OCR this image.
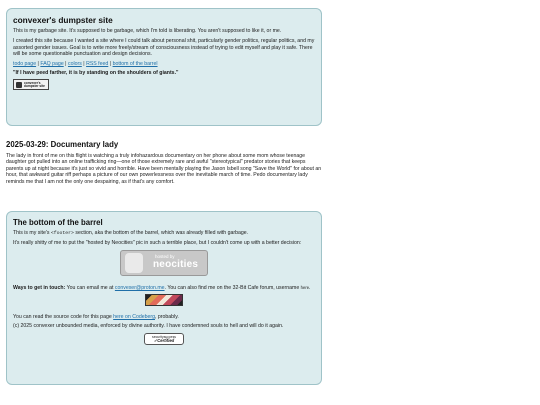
convexer's dumpster site

This is my garbage site. It's supposed to be garbage, which I'm told is liberating. You aren't supposed to like it, or me.

I created this site because I wanted a site where I could talk about personal shit, particularly gender politics, regular politics, and my assorted gender issues. Goal is to write more freely/stream of consciousness instead of trying to edit myself and play it safe. There will be some questionable punctuation and design decisions.

todo page | FAQ page | colors | RSS feed | bottom of the barrel

"If I have peed farther, it is by standing on the shoulders of giants."

convexer's dumpster site
2025-03-29: Documentary lady

The lady in front of me on this flight is watching a truly infohazardous documentary on her phone about some mom whose teenage daughter got pulled into an online trafficking ring—one of those extremely rare and awful "stereotypical" predator stories that keeps parents up at night because it's just so vivid and horrible. Have been mentally playing the Jason Isbell song "Save the World" for about an hour, that awkward guitar riff perhaps a picture of our own powerlessness over the inevitable march of time. Pedo documentary lady reminds me that I am not the only one despairing, as if that's any comfort.

The bottom of the barrel

This is my site's <footer> section, aka the bottom of the barrel, which was already filled with garbage.

It's really shitty of me to put the "hosted by Neocities" pic in such a terrible place, but I couldn't come up with a better decision:

hosted by
neocities

Ways to get in touch: You can email me at convexer@proton.me. You can also find me on the 32-Bit Cafe forum, username here.

You can read the source code for this page here on Codeberg, probably.

(c) 2025 convexer unbounded media, enforced by divine authority. I have condemned souls to hell and will do it again.

securitysuccess
✓Certified
